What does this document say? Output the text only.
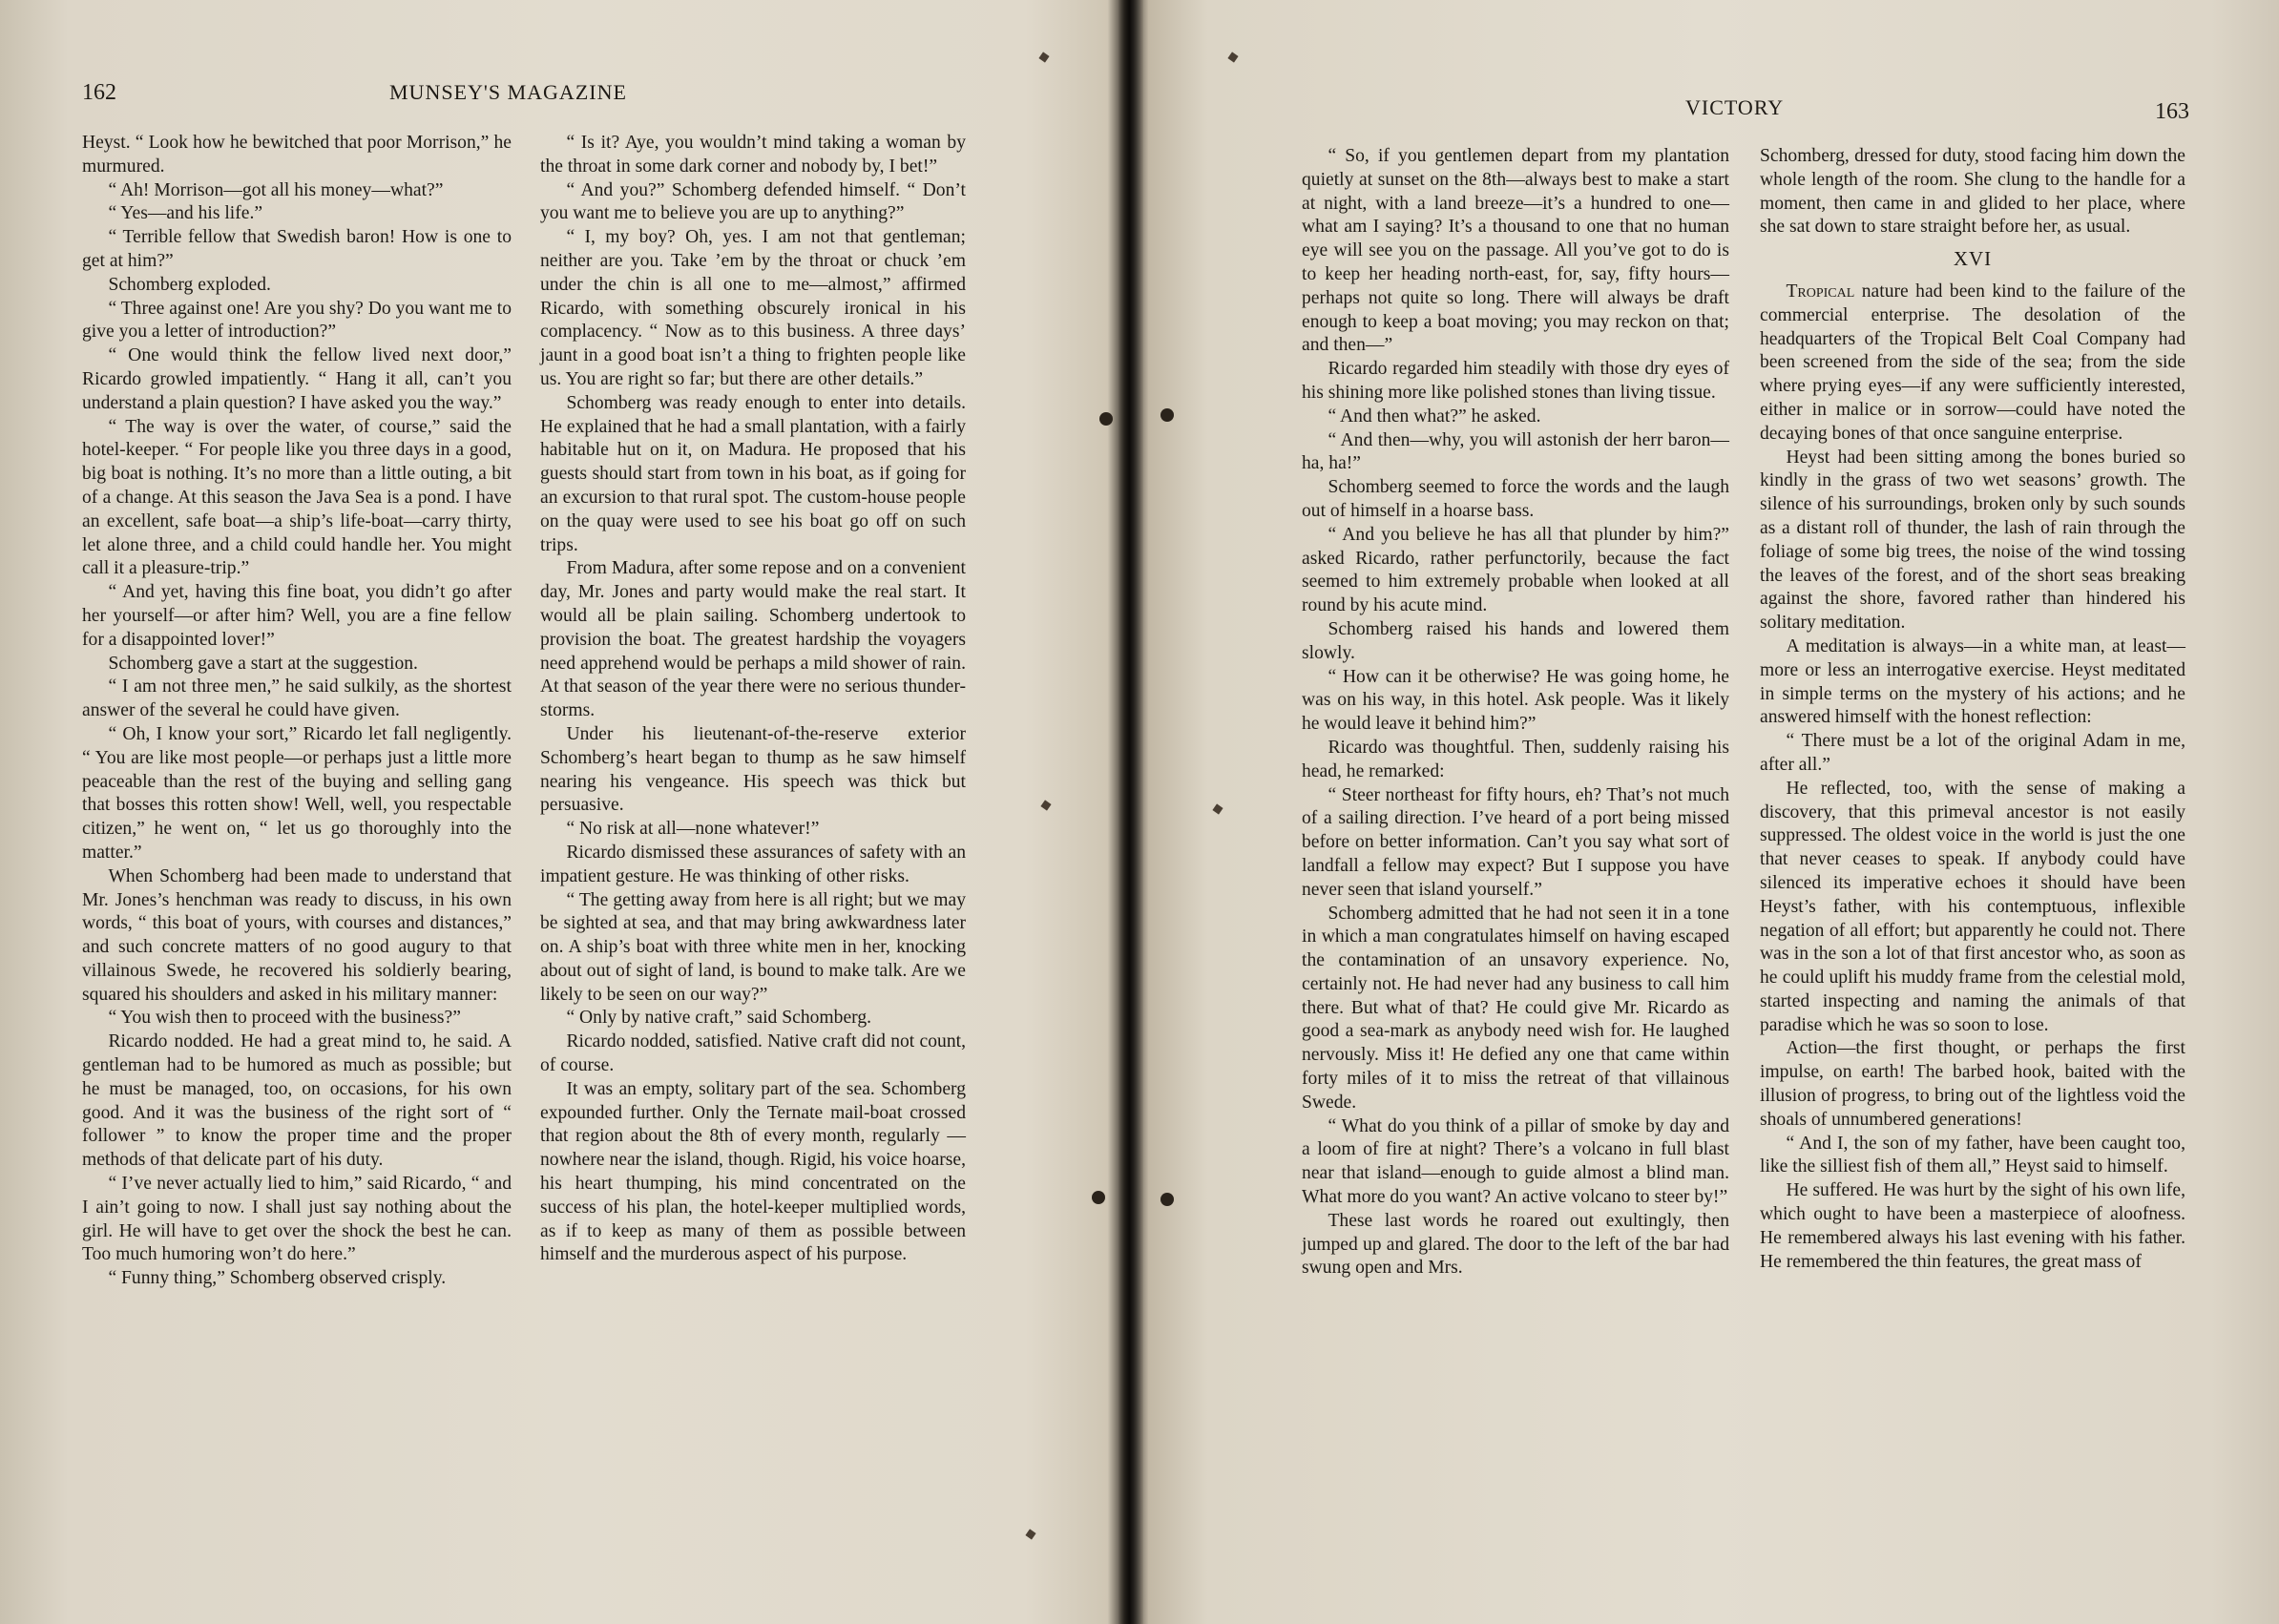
162	MUNSEY'S MAGAZINE

Heyst. “ Look how he bewitched that poor Morrison,” he murmured.

“ Ah! Morrison—got all his money—what?”

“ Yes—and his life.”

“ Terrible fellow that Swedish baron! How is one to get at him?”

Schomberg exploded.

“ Three against one! Are you shy? Do you want me to give you a letter of introduction?”

“ One would think the fellow lived next door,” Ricardo growled impatiently. “ Hang it all, can’t you understand a plain question? I have asked you the way.”

“ The way is over the water, of course,” said the hotel-keeper. “ For people like you three days in a good, big boat is nothing. It’s no more than a little outing, a bit of a change. At this season the Java Sea is a pond. I have an excellent, safe boat—a ship’s life-boat—carry thirty, let alone three, and a child could handle her. You might call it a pleasure-trip.”

“ And yet, having this fine boat, you didn’t go after her yourself—or after him? Well, you are a fine fellow for a disappointed lover!”

Schomberg gave a start at the suggestion.

“ I am not three men,” he said sulkily, as the shortest answer of the several he could have given.

“ Oh, I know your sort,” Ricardo let fall negligently. “ You are like most people—or perhaps just a little more peaceable than the rest of the buying and selling gang that bosses this rotten show! Well, well, you respectable citizen,” he went on, “ let us go thoroughly into the matter.”

When Schomberg had been made to understand that Mr. Jones’s henchman was ready to discuss, in his own words, “ this boat of yours, with courses and distances,” and such concrete matters of no good augury to that villainous Swede, he recovered his soldierly bearing, squared his shoulders and asked in his military manner:

“ You wish then to proceed with the business?”

Ricardo nodded. He had a great mind to, he said. A gentleman had to be humored as much as possible; but he must be managed, too, on occasions, for his own good. And it was the business of the right sort of “ follower ” to know the proper time and the proper methods of that delicate part of his duty.

“ I’ve never actually lied to him,” said Ricardo, “ and I ain’t going to now. I shall just say nothing about the girl. He will have to get over the shock the best he can. Too much humoring won’t do here.”

“ Funny thing,” Schomberg observed crisply.

“ Is it? Aye, you wouldn’t mind taking a woman by the throat in some dark corner and nobody by, I bet!”

“ And you?” Schomberg defended himself. “ Don’t you want me to believe you are up to anything?”

“ I, my boy? Oh, yes. I am not that gentleman; neither are you. Take ’em by the throat or chuck ’em under the chin is all one to me—almost,” affirmed Ricardo, with something obscurely ironical in his complacency. “ Now as to this business. A three days’ jaunt in a good boat isn’t a thing to frighten people like us. You are right so far; but there are other details.”

Schomberg was ready enough to enter into details. He explained that he had a small plantation, with a fairly habitable hut on it, on Madura. He proposed that his guests should start from town in his boat, as if going for an excursion to that rural spot. The custom-house people on the quay were used to see his boat go off on such trips.

From Madura, after some repose and on a convenient day, Mr. Jones and party would make the real start. It would all be plain sailing. Schomberg undertook to provision the boat. The greatest hardship the voyagers need apprehend would be perhaps a mild shower of rain. At that season of the year there were no serious thunder-storms.

Under his lieutenant-of-the-reserve exterior Schomberg’s heart began to thump as he saw himself nearing his vengeance. His speech was thick but persuasive.

“ No risk at all—none whatever!”

Ricardo dismissed these assurances of safety with an impatient gesture. He was thinking of other risks.

“ The getting away from here is all right; but we may be sighted at sea, and that may bring awkwardness later on. A ship’s boat with three white men in her, knocking about out of sight of land, is bound to make talk. Are we likely to be seen on our way?”

“ Only by native craft,” said Schomberg.

Ricardo nodded, satisfied. Native craft did not count, of course.

It was an empty, solitary part of the sea. Schomberg expounded further. Only the Ternate mail-boat crossed that region about the 8th of every month, regularly — nowhere near the island, though. Rigid, his voice hoarse, his heart thumping, his mind concentrated on the success of his plan, the hotel-keeper multiplied words, as if to keep as many of them as possible between himself and the murderous aspect of his purpose.

VICTORY	163

“ So, if you gentlemen depart from my plantation quietly at sunset on the 8th—always best to make a start at night, with a land breeze—it’s a hundred to one—what am I saying? It’s a thousand to one that no human eye will see you on the passage. All you’ve got to do is to keep her heading north-east, for, say, fifty hours—perhaps not quite so long. There will always be draft enough to keep a boat moving; you may reckon on that; and then—”

Ricardo regarded him steadily with those dry eyes of his shining more like polished stones than living tissue.

“ And then what?” he asked.

“ And then—why, you will astonish der herr baron—ha, ha!”

Schomberg seemed to force the words and the laugh out of himself in a hoarse bass.

“ And you believe he has all that plunder by him?” asked Ricardo, rather perfunctorily, because the fact seemed to him extremely probable when looked at all round by his acute mind.

Schomberg raised his hands and lowered them slowly.

“ How can it be otherwise? He was going home, he was on his way, in this hotel. Ask people. Was it likely he would leave it behind him?”

Ricardo was thoughtful. Then, suddenly raising his head, he remarked:

“ Steer northeast for fifty hours, eh? That’s not much of a sailing direction. I’ve heard of a port being missed before on better information. Can’t you say what sort of landfall a fellow may expect? But I suppose you have never seen that island yourself.”

Schomberg admitted that he had not seen it in a tone in which a man congratulates himself on having escaped the contamination of an unsavory experience. No, certainly not. He had never had any business to call him there. But what of that? He could give Mr. Ricardo as good a sea-mark as anybody need wish for. He laughed nervously. Miss it! He defied any one that came within forty miles of it to miss the retreat of that villainous Swede.

“ What do you think of a pillar of smoke by day and a loom of fire at night? There’s a volcano in full blast near that island—enough to guide almost a blind man. What more do you want? An active volcano to steer by!”

These last words he roared out exultingly, then jumped up and glared. The door to the left of the bar had swung open and Mrs.

Schomberg, dressed for duty, stood facing him down the whole length of the room. She clung to the handle for a moment, then came in and glided to her place, where she sat down to stare straight before her, as usual.

XVI

Tropical nature had been kind to the failure of the commercial enterprise. The desolation of the headquarters of the Tropical Belt Coal Company had been screened from the side of the sea; from the side where prying eyes—if any were sufficiently interested, either in malice or in sorrow—could have noted the decaying bones of that once sanguine enterprise.

Heyst had been sitting among the bones buried so kindly in the grass of two wet seasons’ growth. The silence of his surroundings, broken only by such sounds as a distant roll of thunder, the lash of rain through the foliage of some big trees, the noise of the wind tossing the leaves of the forest, and of the short seas breaking against the shore, favored rather than hindered his solitary meditation.

A meditation is always—in a white man, at least—more or less an interrogative exercise. Heyst meditated in simple terms on the mystery of his actions; and he answered himself with the honest reflection:

“ There must be a lot of the original Adam in me, after all.”

He reflected, too, with the sense of making a discovery, that this primeval ancestor is not easily suppressed. The oldest voice in the world is just the one that never ceases to speak. If anybody could have silenced its imperative echoes it should have been Heyst’s father, with his contemptuous, inflexible negation of all effort; but apparently he could not. There was in the son a lot of that first ancestor who, as soon as he could uplift his muddy frame from the celestial mold, started inspecting and naming the animals of that paradise which he was so soon to lose.

Action—the first thought, or perhaps the first impulse, on earth! The barbed hook, baited with the illusion of progress, to bring out of the lightless void the shoals of unnumbered generations!

“ And I, the son of my father, have been caught too, like the silliest fish of them all,” Heyst said to himself.

He suffered. He was hurt by the sight of his own life, which ought to have been a masterpiece of aloofness. He remembered always his last evening with his father. He remembered the thin features, the great mass of
